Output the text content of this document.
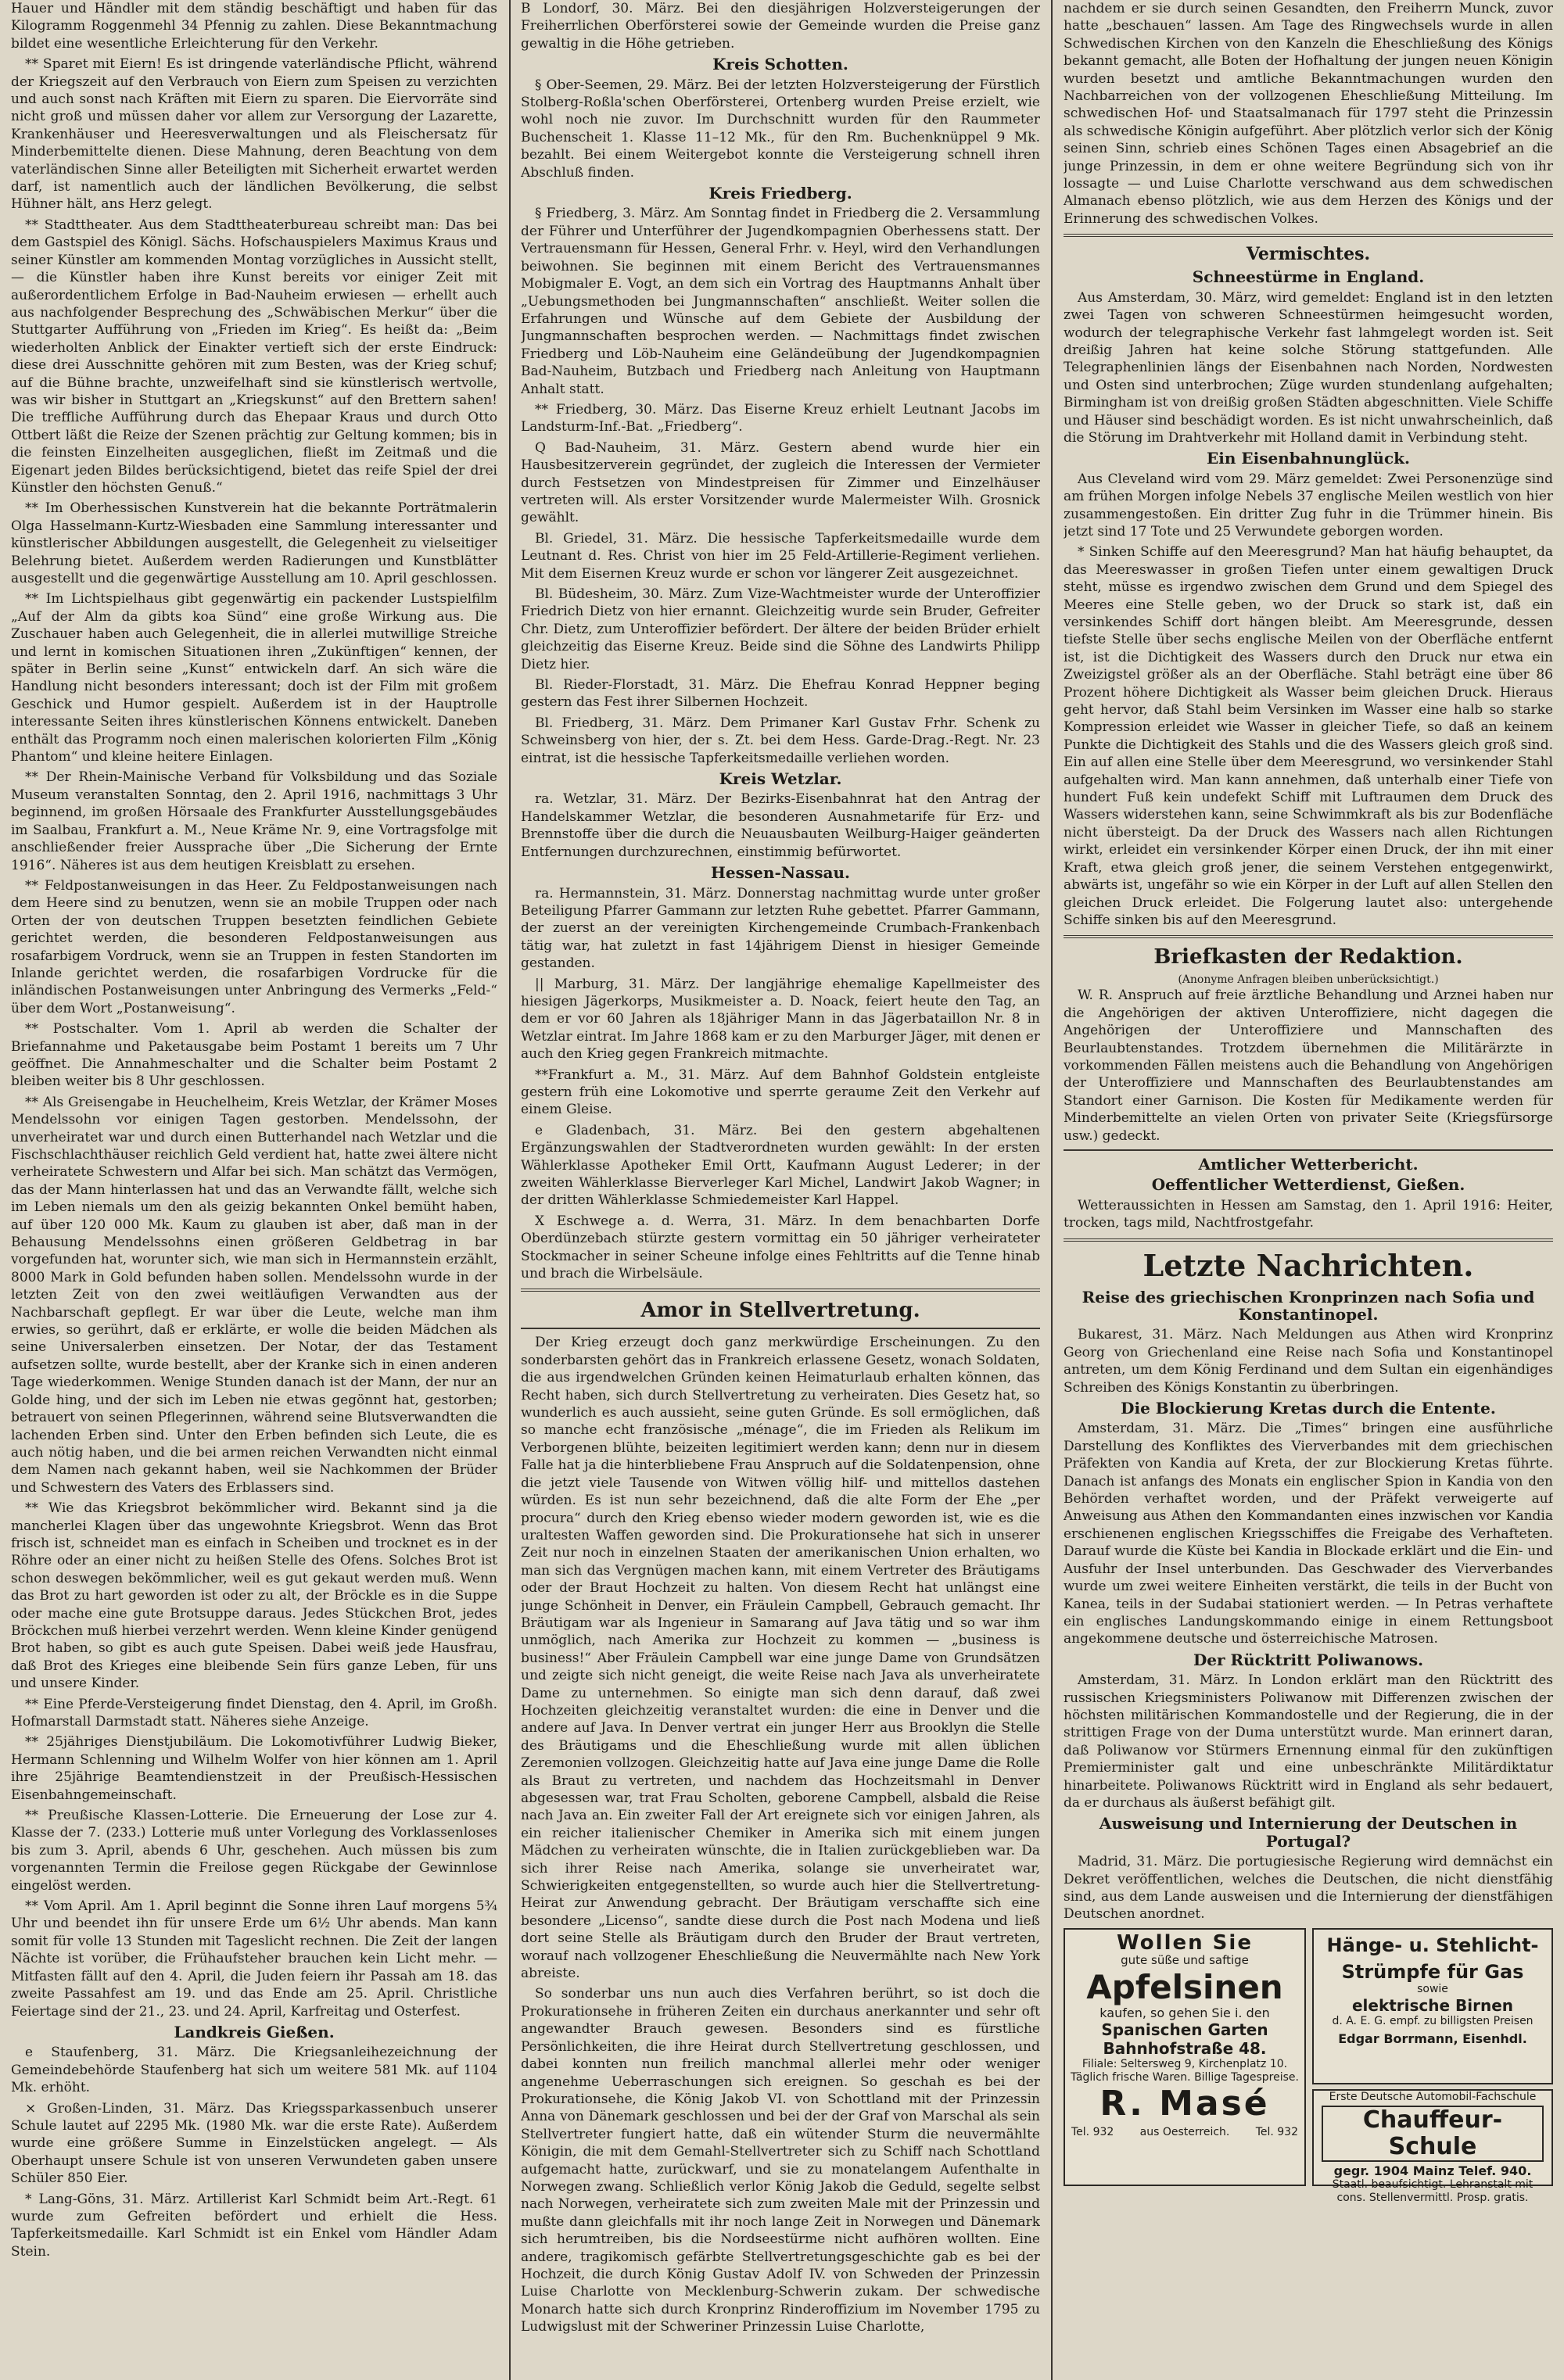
Hauer und Händler mit dem ständig beschäftigt und haben für das Kilogramm Roggenmehl 34 Pfennig zu zahlen. Diese Bekanntmachung bildet eine wesentliche Erleichterung für den Verkehr.

** Sparet mit Eiern! Es ist dringende vaterländische Pflicht, während der Kriegszeit auf den Verbrauch von Eiern zum Speisen zu verzichten und auch sonst nach Kräften mit Eiern zu sparen. Die Eiervorräte sind nicht groß und müssen daher vor allem zur Versorgung der Lazarette, Krankenhäuser und Heeresverwaltungen und als Fleischersatz für Minderbemittelte dienen. Diese Mahnung, deren Beachtung von dem vaterländischen Sinne aller Beteiligten mit Sicherheit erwartet werden darf, ist namentlich auch der ländlichen Bevölkerung, die selbst Hühner hält, ans Herz gelegt.

** Stadttheater. Aus dem Stadttheaterbureau schreibt man: Das bei dem Gastspiel des Königl. Sächs. Hofschauspielers Maximus Kraus und seiner Künstler am kommenden Montag vorzügliches in Aussicht stellt, — die Künstler haben ihre Kunst bereits vor einiger Zeit mit außerordentlichem Erfolge in Bad-Nauheim erwiesen — erhellt auch aus nachfolgender Besprechung des „Schwäbischen Merkur“ über die Stuttgarter Aufführung von „Frieden im Krieg“. Es heißt da: „Beim wiederholten Anblick der Einakter vertieft sich der erste Eindruck: diese drei Ausschnitte gehören mit zum Besten, was der Krieg schuf; auf die Bühne brachte, unzweifelhaft sind sie künstlerisch wertvolle, was wir bisher in Stuttgart an „Kriegskunst“ auf den Brettern sahen! Die treffliche Aufführung durch das Ehepaar Kraus und durch Otto Ottbert läßt die Reize der Szenen prächtig zur Geltung kommen; bis in die feinsten Einzelheiten ausgeglichen, fließt im Zeitmaß und die Eigenart jeden Bildes berücksichtigend, bietet das reife Spiel der drei Künstler den höchsten Genuß.“

** Im Oberhessischen Kunstverein hat die bekannte Porträtmalerin Olga Hasselmann-Kurtz-Wiesbaden eine Sammlung interessanter und künstlerischer Abbildungen ausgestellt, die Gelegenheit zu vielseitiger Belehrung bietet. Außerdem werden Radierungen und Kunstblätter ausgestellt und die gegenwärtige Ausstellung am 10. April geschlossen.

** Im Lichtspielhaus gibt gegenwärtig ein packender Lustspielfilm „Auf der Alm da gibts koa Sünd“ eine große Wirkung aus. Die Zuschauer haben auch Gelegenheit, die in allerlei mutwillige Streiche und lernt in komischen Situationen ihren „Zukünftigen“ kennen, der später in Berlin seine „Kunst“ entwickeln darf. An sich wäre die Handlung nicht besonders interessant; doch ist der Film mit großem Geschick und Humor gespielt. Außerdem ist in der Hauptrolle interessante Seiten ihres künstlerischen Könnens entwickelt. Daneben enthält das Programm noch einen malerischen kolorierten Film „König Phantom“ und kleine heitere Einlagen.

** Der Rhein-Mainische Verband für Volksbildung und das Soziale Museum veranstalten Sonntag, den 2. April 1916, nachmittags 3 Uhr beginnend, im großen Hörsaale des Frankfurter Ausstellungsgebäudes im Saalbau, Frankfurt a. M., Neue Kräme Nr. 9, eine Vortragsfolge mit anschließender freier Aussprache über „Die Sicherung der Ernte 1916“. Näheres ist aus dem heutigen Kreisblatt zu ersehen.

** Feldpostanweisungen in das Heer. Zu Feldpostanweisungen nach dem Heere sind zu benutzen, wenn sie an mobile Truppen oder nach Orten der von deutschen Truppen besetzten feindlichen Gebiete gerichtet werden, die besonderen Feldpostanweisungen aus rosafarbigem Vordruck, wenn sie an Truppen in festen Standorten im Inlande gerichtet werden, die rosafarbigen Vordrucke für die inländischen Postanweisungen unter Anbringung des Vermerks „Feld-“ über dem Wort „Postanweisung“.

** Postschalter. Vom 1. April ab werden die Schalter der Briefannahme und Paketausgabe beim Postamt 1 bereits um 7 Uhr geöffnet. Die Annahmeschalter und die Schalter beim Postamt 2 bleiben weiter bis 8 Uhr geschlossen.

** Als Greisengabe in Heuchelheim, Kreis Wetzlar, der Krämer Moses Mendelssohn vor einigen Tagen gestorben. Mendelssohn, der unverheiratet war und durch einen Butterhandel nach Wetzlar und die Fischschlachthäuser reichlich Geld verdient hat, hatte zwei ältere nicht verheiratete Schwestern und Alfar bei sich. Man schätzt das Vermögen, das der Mann hinterlassen hat und das an Verwandte fällt, welche sich im Leben niemals um den als geizig bekannten Onkel bemüht haben, auf über 120 000 Mk. Kaum zu glauben ist aber, daß man in der Behausung Mendelssohns einen größeren Geldbetrag in bar vorgefunden hat, worunter sich, wie man sich in Hermannstein erzählt, 8000 Mark in Gold befunden haben sollen. Mendelssohn wurde in der letzten Zeit von den zwei weitläufigen Verwandten aus der Nachbarschaft gepflegt. Er war über die Leute, welche man ihm erwies, so gerührt, daß er erklärte, er wolle die beiden Mädchen als seine Universalerben einsetzen. Der Notar, der das Testament aufsetzen sollte, wurde bestellt, aber der Kranke sich in einen anderen Tage wiederkommen. Wenige Stunden danach ist der Mann, der nur an Golde hing, und der sich im Leben nie etwas gegönnt hat, gestorben; betrauert von seinen Pflegerinnen, während seine Blutsverwandten die lachenden Erben sind. Unter den Erben befinden sich Leute, die es auch nötig haben, und die bei armen reichen Verwandten nicht einmal dem Namen nach gekannt haben, weil sie Nachkommen der Brüder und Schwestern des Vaters des Erblassers sind.

** Wie das Kriegsbrot bekömmlicher wird. Bekannt sind ja die mancherlei Klagen über das ungewohnte Kriegsbrot. Wenn das Brot frisch ist, schneidet man es einfach in Scheiben und trocknet es in der Röhre oder an einer nicht zu heißen Stelle des Ofens. Solches Brot ist schon deswegen bekömmlicher, weil es gut gekaut werden muß. Wenn das Brot zu hart geworden ist oder zu alt, der Bröckle es in die Suppe oder mache eine gute Brotsuppe daraus. Jedes Stückchen Brot, jedes Bröckchen muß hierbei verzehrt werden. Wenn kleine Kinder genügend Brot haben, so gibt es auch gute Speisen. Dabei weiß jede Hausfrau, daß Brot des Krieges eine bleibende Sein fürs ganze Leben, für uns und unsere Kinder.

** Eine Pferde-Versteigerung findet Dienstag, den 4. April, im Großh. Hofmarstall Darmstadt statt. Näheres siehe Anzeige.

** 25jähriges Dienstjubiläum. Die Lokomotivführer Ludwig Bieker, Hermann Schlenning und Wilhelm Wolfer von hier können am 1. April ihre 25jährige Beamtendienstzeit in der Preußisch-Hessischen Eisenbahngemeinschaft.

** Preußische Klassen-Lotterie. Die Erneuerung der Lose zur 4. Klasse der 7. (233.) Lotterie muß unter Vorlegung des Vorklassenloses bis zum 3. April, abends 6 Uhr, geschehen. Auch müssen bis zum vorgenannten Termin die Freilose gegen Rückgabe der Gewinnlose eingelöst werden.

** Vom April. Am 1. April beginnt die Sonne ihren Lauf morgens 5¾ Uhr und beendet ihn für unsere Erde um 6½ Uhr abends. Man kann somit für volle 13 Stunden mit Tageslicht rechnen. Die Zeit der langen Nächte ist vorüber, die Frühaufsteher brauchen kein Licht mehr. — Mitfasten fällt auf den 4. April, die Juden feiern ihr Passah am 18. das zweite Passahfest am 19. und das Ende am 25. April. Christliche Feiertage sind der 21., 23. und 24. April, Karfreitag und Osterfest.

Landkreis Gießen.

e Staufenberg, 31. März. Die Kriegsanleihezeichnung der Gemeindebehörde Staufenberg hat sich um weitere 581 Mk. auf 1104 Mk. erhöht.

× Großen-Linden, 31. März. Das Kriegssparkassenbuch unserer Schule lautet auf 2295 Mk. (1980 Mk. war die erste Rate). Außerdem wurde eine größere Summe in Einzelstücken angelegt. — Als Oberhaupt unsere Schule ist von unseren Verwundeten gaben unsere Schüler 850 Eier.

* Lang-Göns, 31. März. Artillerist Karl Schmidt beim Art.-Regt. 61 wurde zum Gefreiten befördert und erhielt die Hess. Tapferkeitsmedaille. Karl Schmidt ist ein Enkel vom Händler Adam Stein.

B Londorf, 30. März. Bei den diesjährigen Holzversteigerungen der Freiherrlichen Oberförsterei sowie der Gemeinde wurden die Preise ganz gewaltig in die Höhe getrieben.

Kreis Schotten.

§ Ober-Seemen, 29. März. Bei der letzten Holzversteigerung der Fürstlich Stolberg-Roßla'schen Oberförsterei, Ortenberg wurden Preise erzielt, wie wohl noch nie zuvor. Im Durchschnitt wurden für den Raummeter Buchenscheit 1. Klasse 11–12 Mk., für den Rm. Buchenknüppel 9 Mk. bezahlt. Bei einem Weitergebot konnte die Versteigerung schnell ihren Abschluß finden.

Kreis Friedberg.

§ Friedberg, 3. März. Am Sonntag findet in Friedberg die 2. Versammlung der Führer und Unterführer der Jugendkompagnien Oberhessens statt. Der Vertrauensmann für Hessen, General Frhr. v. Heyl, wird den Verhandlungen beiwohnen. Sie beginnen mit einem Bericht des Vertrauensmannes Mobigmaler E. Vogt, an dem sich ein Vortrag des Hauptmanns Anhalt über „Uebungsmethoden bei Jungmannschaften“ anschließt. Weiter sollen die Erfahrungen und Wünsche auf dem Gebiete der Ausbildung der Jungmannschaften besprochen werden. — Nachmittags findet zwischen Friedberg und Löb-Nauheim eine Geländeübung der Jugendkompagnien Bad-Nauheim, Butzbach und Friedberg nach Anleitung von Hauptmann Anhalt statt.

** Friedberg, 30. März. Das Eiserne Kreuz erhielt Leutnant Jacobs im Landsturm-Inf.-Bat. „Friedberg“.

Q Bad-Nauheim, 31. März. Gestern abend wurde hier ein Hausbesitzerverein gegründet, der zugleich die Interessen der Vermieter durch Festsetzen von Mindestpreisen für Zimmer und Einzelhäuser vertreten will. Als erster Vorsitzender wurde Malermeister Wilh. Grosnick gewählt.

Bl. Griedel, 31. März. Die hessische Tapferkeitsmedaille wurde dem Leutnant d. Res. Christ von hier im 25 Feld-Artillerie-Regiment verliehen. Mit dem Eisernen Kreuz wurde er schon vor längerer Zeit ausgezeichnet.

Bl. Büdesheim, 30. März. Zum Vize-Wachtmeister wurde der Unteroffizier Friedrich Dietz von hier ernannt. Gleichzeitig wurde sein Bruder, Gefreiter Chr. Dietz, zum Unteroffizier befördert. Der ältere der beiden Brüder erhielt gleichzeitig das Eiserne Kreuz. Beide sind die Söhne des Landwirts Philipp Dietz hier.

Bl. Rieder-Florstadt, 31. März. Die Ehefrau Konrad Heppner beging gestern das Fest ihrer Silbernen Hochzeit.

Bl. Friedberg, 31. März. Dem Primaner Karl Gustav Frhr. Schenk zu Schweinsberg von hier, der s. Zt. bei dem Hess. Garde-Drag.-Regt. Nr. 23 eintrat, ist die hessische Tapferkeitsmedaille verliehen worden.

Kreis Wetzlar.

ra. Wetzlar, 31. März. Der Bezirks-Eisenbahnrat hat den Antrag der Handelskammer Wetzlar, die besonderen Ausnahmetarife für Erz- und Brennstoffe über die durch die Neuausbauten Weilburg-Haiger geänderten Entfernungen durchzurechnen, einstimmig befürwortet.

Hessen-Nassau.

ra. Hermannstein, 31. März. Donnerstag nachmittag wurde unter großer Beteiligung Pfarrer Gammann zur letzten Ruhe gebettet. Pfarrer Gammann, der zuerst an der vereinigten Kirchengemeinde Crumbach-Frankenbach tätig war, hat zuletzt in fast 14jährigem Dienst in hiesiger Gemeinde gestanden.

|| Marburg, 31. März. Der langjährige ehemalige Kapellmeister des hiesigen Jägerkorps, Musikmeister a. D. Noack, feiert heute den Tag, an dem er vor 60 Jahren als 18jähriger Mann in das Jägerbataillon Nr. 8 in Wetzlar eintrat. Im Jahre 1868 kam er zu den Marburger Jäger, mit denen er auch den Krieg gegen Frankreich mitmachte.

**Frankfurt a. M., 31. März. Auf dem Bahnhof Goldstein entgleiste gestern früh eine Lokomotive und sperrte geraume Zeit den Verkehr auf einem Gleise.

e Gladenbach, 31. März. Bei den gestern abgehaltenen Ergänzungswahlen der Stadtverordneten wurden gewählt: In der ersten Wählerklasse Apotheker Emil Ortt, Kaufmann August Lederer; in der zweiten Wählerklasse Bierverleger Karl Michel, Landwirt Jakob Wagner; in der dritten Wählerklasse Schmiedemeister Karl Happel.

X Eschwege a. d. Werra, 31. März. In dem benachbarten Dorfe Oberdünzebach stürzte gestern vormittag ein 50 jähriger verheirateter Stockmacher in seiner Scheune infolge eines Fehltritts auf die Tenne hinab und brach die Wirbelsäule.

Amor in Stellvertretung.

Der Krieg erzeugt doch ganz merkwürdige Erscheinungen. Zu den sonderbarsten gehört das in Frankreich erlassene Gesetz, wonach Soldaten, die aus irgendwelchen Gründen keinen Heimaturlaub erhalten können, das Recht haben, sich durch Stellvertretung zu verheiraten. Dies Gesetz hat, so wunderlich es auch aussieht, seine guten Gründe. Es soll ermöglichen, daß so manche echt französische „ménage“, die im Frieden als Relikum im Verborgenen blühte, beizeiten legitimiert werden kann; denn nur in diesem Falle hat ja die hinterbliebene Frau Anspruch auf die Soldatenpension, ohne die jetzt viele Tausende von Witwen völlig hilf- und mittellos dastehen würden. Es ist nun sehr bezeichnend, daß die alte Form der Ehe „per procura“ durch den Krieg ebenso wieder modern geworden ist, wie es die uraltesten Waffen geworden sind. Die Prokurationsehe hat sich in unserer Zeit nur noch in einzelnen Staaten der amerikanischen Union erhalten, wo man sich das Vergnügen machen kann, mit einem Vertreter des Bräutigams oder der Braut Hochzeit zu halten. Von diesem Recht hat unlängst eine junge Schönheit in Denver, ein Fräulein Campbell, Gebrauch gemacht. Ihr Bräutigam war als Ingenieur in Samarang auf Java tätig und so war ihm unmöglich, nach Amerika zur Hochzeit zu kommen — „business is business!“ Aber Fräulein Campbell war eine junge Dame von Grundsätzen und zeigte sich nicht geneigt, die weite Reise nach Java als unverheiratete Dame zu unternehmen. So einigte man sich denn darauf, daß zwei Hochzeiten gleichzeitig veranstaltet wurden: die eine in Denver und die andere auf Java. In Denver vertrat ein junger Herr aus Brooklyn die Stelle des Bräutigams und die Eheschließung wurde mit allen üblichen Zeremonien vollzogen. Gleichzeitig hatte auf Java eine junge Dame die Rolle als Braut zu vertreten, und nachdem das Hochzeitsmahl in Denver abgesessen war, trat Frau Scholten, geborene Campbell, alsbald die Reise nach Java an. Ein zweiter Fall der Art ereignete sich vor einigen Jahren, als ein reicher italienischer Chemiker in Amerika sich mit einem jungen Mädchen zu verheiraten wünschte, die in Italien zurückgeblieben war. Da sich ihrer Reise nach Amerika, solange sie unverheiratet war, Schwierigkeiten entgegenstellten, so wurde auch hier die Stellvertretung-Heirat zur Anwendung gebracht. Der Bräutigam verschaffte sich eine besondere „Licenso“, sandte diese durch die Post nach Modena und ließ dort seine Stelle als Bräutigam durch den Bruder der Braut vertreten, worauf nach vollzogener Eheschließung die Neuvermählte nach New York abreiste.

So sonderbar uns nun auch dies Verfahren berührt, so ist doch die Prokurationsehe in früheren Zeiten ein durchaus anerkannter und sehr oft angewandter Brauch gewesen. Besonders sind es fürstliche Persönlichkeiten, die ihre Heirat durch Stellvertretung geschlossen, und dabei konnten nun freilich manchmal allerlei mehr oder weniger angenehme Ueberraschungen sich ereignen. So geschah es bei der Prokurationsehe, die König Jakob VI. von Schottland mit der Prinzessin Anna von Dänemark geschlossen und bei der der Graf von Marschal als sein Stellvertreter fungiert hatte, daß ein wütender Sturm die neuvermählte Königin, die mit dem Gemahl-Stellvertreter sich zu Schiff nach Schottland aufgemacht hatte, zurückwarf, und sie zu monatelangem Aufenthalte in Norwegen zwang. Schließlich verlor König Jakob die Geduld, segelte selbst nach Norwegen, verheiratete sich zum zweiten Male mit der Prinzessin und mußte dann gleichfalls mit ihr noch lange Zeit in Norwegen und Dänemark sich herumtreiben, bis die Nordseestürme nicht aufhören wollten. Eine andere, tragikomisch gefärbte Stellvertretungsgeschichte gab es bei der Hochzeit, die durch König Gustav Adolf IV. von Schweden der Prinzessin Luise Charlotte von Mecklenburg-Schwerin zukam. Der schwedische Monarch hatte sich durch Kronprinz Rinderoffizium im November 1795 zu Ludwigslust mit der Schweriner Prinzessin Luise Charlotte,

nachdem er sie durch seinen Gesandten, den Freiherrn Munck, zuvor hatte „beschauen“ lassen. Am Tage des Ringwechsels wurde in allen Schwedischen Kirchen von den Kanzeln die Eheschließung des Königs bekannt gemacht, alle Boten der Hofhaltung der jungen neuen Königin wurden besetzt und amtliche Bekanntmachungen wurden den Nachbarreichen von der vollzogenen Eheschließung Mitteilung. Im schwedischen Hof- und Staatsalmanach für 1797 steht die Prinzessin als schwedische Königin aufgeführt. Aber plötzlich verlor sich der König seinen Sinn, schrieb eines Schönen Tages einen Absagebrief an die junge Prinzessin, in dem er ohne weitere Begründung sich von ihr lossagte — und Luise Charlotte verschwand aus dem schwedischen Almanach ebenso plötzlich, wie aus dem Herzen des Königs und der Erinnerung des schwedischen Volkes.

Vermischtes.
Schneestürme in England.

Aus Amsterdam, 30. März, wird gemeldet: England ist in den letzten zwei Tagen von schweren Schneestürmen heimgesucht worden, wodurch der telegraphische Verkehr fast lahmgelegt worden ist. Seit dreißig Jahren hat keine solche Störung stattgefunden. Alle Telegraphenlinien längs der Eisenbahnen nach Norden, Nordwesten und Osten sind unterbrochen; Züge wurden stundenlang aufgehalten; Birmingham ist von dreißig großen Städten abgeschnitten. Viele Schiffe und Häuser sind beschädigt worden. Es ist nicht unwahrscheinlich, daß die Störung im Drahtverkehr mit Holland damit in Verbindung steht.

Ein Eisenbahnunglück.

Aus Cleveland wird vom 29. März gemeldet: Zwei Personenzüge sind am frühen Morgen infolge Nebels 37 englische Meilen westlich von hier zusammengestoßen. Ein dritter Zug fuhr in die Trümmer hinein. Bis jetzt sind 17 Tote und 25 Verwundete geborgen worden.

* Sinken Schiffe auf den Meeresgrund? Man hat häufig behauptet, da das Meereswasser in großen Tiefen unter einem gewaltigen Druck steht, müsse es irgendwo zwischen dem Grund und dem Spiegel des Meeres eine Stelle geben, wo der Druck so stark ist, daß ein versinkendes Schiff dort hängen bleibt. Am Meeresgrunde, dessen tiefste Stelle über sechs englische Meilen von der Oberfläche entfernt ist, ist die Dichtigkeit des Wassers durch den Druck nur etwa ein Zweizigstel größer als an der Oberfläche. Stahl beträgt eine über 86 Prozent höhere Dichtigkeit als Wasser beim gleichen Druck. Hieraus geht hervor, daß Stahl beim Versinken im Wasser eine halb so starke Kompression erleidet wie Wasser in gleicher Tiefe, so daß an keinem Punkte die Dichtigkeit des Stahls und die des Wassers gleich groß sind. Ein auf allen eine Stelle über dem Meeresgrund, wo versinkender Stahl aufgehalten wird. Man kann annehmen, daß unterhalb einer Tiefe von hundert Fuß kein undefekt Schiff mit Luftraumen dem Druck des Wassers widerstehen kann, seine Schwimmkraft als bis zur Bodenfläche nicht übersteigt. Da der Druck des Wassers nach allen Richtungen wirkt, erleidet ein versinkender Körper einen Druck, der ihn mit einer Kraft, etwa gleich groß jener, die seinem Verstehen entgegenwirkt, abwärts ist, ungefähr so wie ein Körper in der Luft auf allen Stellen den gleichen Druck erleidet. Die Folgerung lautet also: untergehende Schiffe sinken bis auf den Meeresgrund.

Briefkasten der Redaktion.
(Anonyme Anfragen bleiben unberücksichtigt.)

W. R. Anspruch auf freie ärztliche Behandlung und Arznei haben nur die Angehörigen der aktiven Unteroffiziere, nicht dagegen die Angehörigen der Unteroffiziere und Mannschaften des Beurlaubtenstandes. Trotzdem übernehmen die Militärärzte in vorkommenden Fällen meistens auch die Behandlung von Angehörigen der Unteroffiziere und Mannschaften des Beurlaubtenstandes am Standort einer Garnison. Die Kosten für Medikamente werden für Minderbemittelte an vielen Orten von privater Seite (Kriegsfürsorge usw.) gedeckt.

Amtlicher Wetterbericht.
Oeffentlicher Wetterdienst, Gießen.

Wetteraussichten in Hessen am Samstag, den 1. April 1916: Heiter, trocken, tags mild, Nachtfrostgefahr.

Letzte Nachrichten.
Reise des griechischen Kronprinzen nach Sofia und Konstantinopel.

Bukarest, 31. März. Nach Meldungen aus Athen wird Kronprinz Georg von Griechenland eine Reise nach Sofia und Konstantinopel antreten, um dem König Ferdinand und dem Sultan ein eigenhändiges Schreiben des Königs Konstantin zu überbringen.

Die Blockierung Kretas durch die Entente.

Amsterdam, 31. März. Die „Times“ bringen eine ausführliche Darstellung des Konfliktes des Vierverbandes mit dem griechischen Präfekten von Kandia auf Kreta, der zur Blockierung Kretas führte. Danach ist anfangs des Monats ein englischer Spion in Kandia von den Behörden verhaftet worden, und der Präfekt verweigerte auf Anweisung aus Athen den Kommandanten eines inzwischen vor Kandia erschienenen englischen Kriegsschiffes die Freigabe des Verhafteten. Darauf wurde die Küste bei Kandia in Blockade erklärt und die Ein- und Ausfuhr der Insel unterbunden. Das Geschwader des Vierverbandes wurde um zwei weitere Einheiten verstärkt, die teils in der Bucht von Kanea, teils in der Sudabai stationiert werden. — In Petras verhaftete ein englisches Landungskommando einige in einem Rettungsboot angekommene deutsche und österreichische Matrosen.

Der Rücktritt Poliwanows.

Amsterdam, 31. März. In London erklärt man den Rücktritt des russischen Kriegsministers Poliwanow mit Differenzen zwischen der höchsten militärischen Kommandostelle und der Regierung, die in der strittigen Frage von der Duma unterstützt wurde. Man erinnert daran, daß Poliwanow vor Stürmers Ernennung einmal für den zukünftigen Premierminister galt und eine unbeschränkte Militärdiktatur hinarbeitete. Poliwanows Rücktritt wird in England als sehr bedauert, da er durchaus als äußerst befähigt gilt.

Ausweisung und Internierung der Deutschen in Portugal?

Madrid, 31. März. Die portugiesische Regierung wird demnächst ein Dekret veröffentlichen, welches die Deutschen, die nicht dienstfähig sind, aus dem Lande ausweisen und die Internierung der dienstfähigen Deutschen anordnet.

Wollen Sie
gute süße und saftige
Apfelsinen
kaufen, so gehen Sie i. den
Spanischen Garten
Bahnhofstraße 48.
Filiale: Seltersweg 9, Kirchenplatz 10.
Täglich frische Waren. Billige Tagespreise.
R. Masé
Tel. 932 aus Oesterreich. Tel. 932
Hänge- u. Stehlicht-
Strümpfe für Gas
sowie
elektrische Birnen
d. A. E. G. empf. zu billigsten Preisen
Edgar Borrmann, Eisenhdl.
Erste Deutsche Automobil-Fachschule
Chauffeur-Schule
gegr. 1904 Mainz Telef. 940.
Staatl. beaufsichtigt. Lehranstalt mit
cons. Stellenvermittl. Prosp. gratis.
